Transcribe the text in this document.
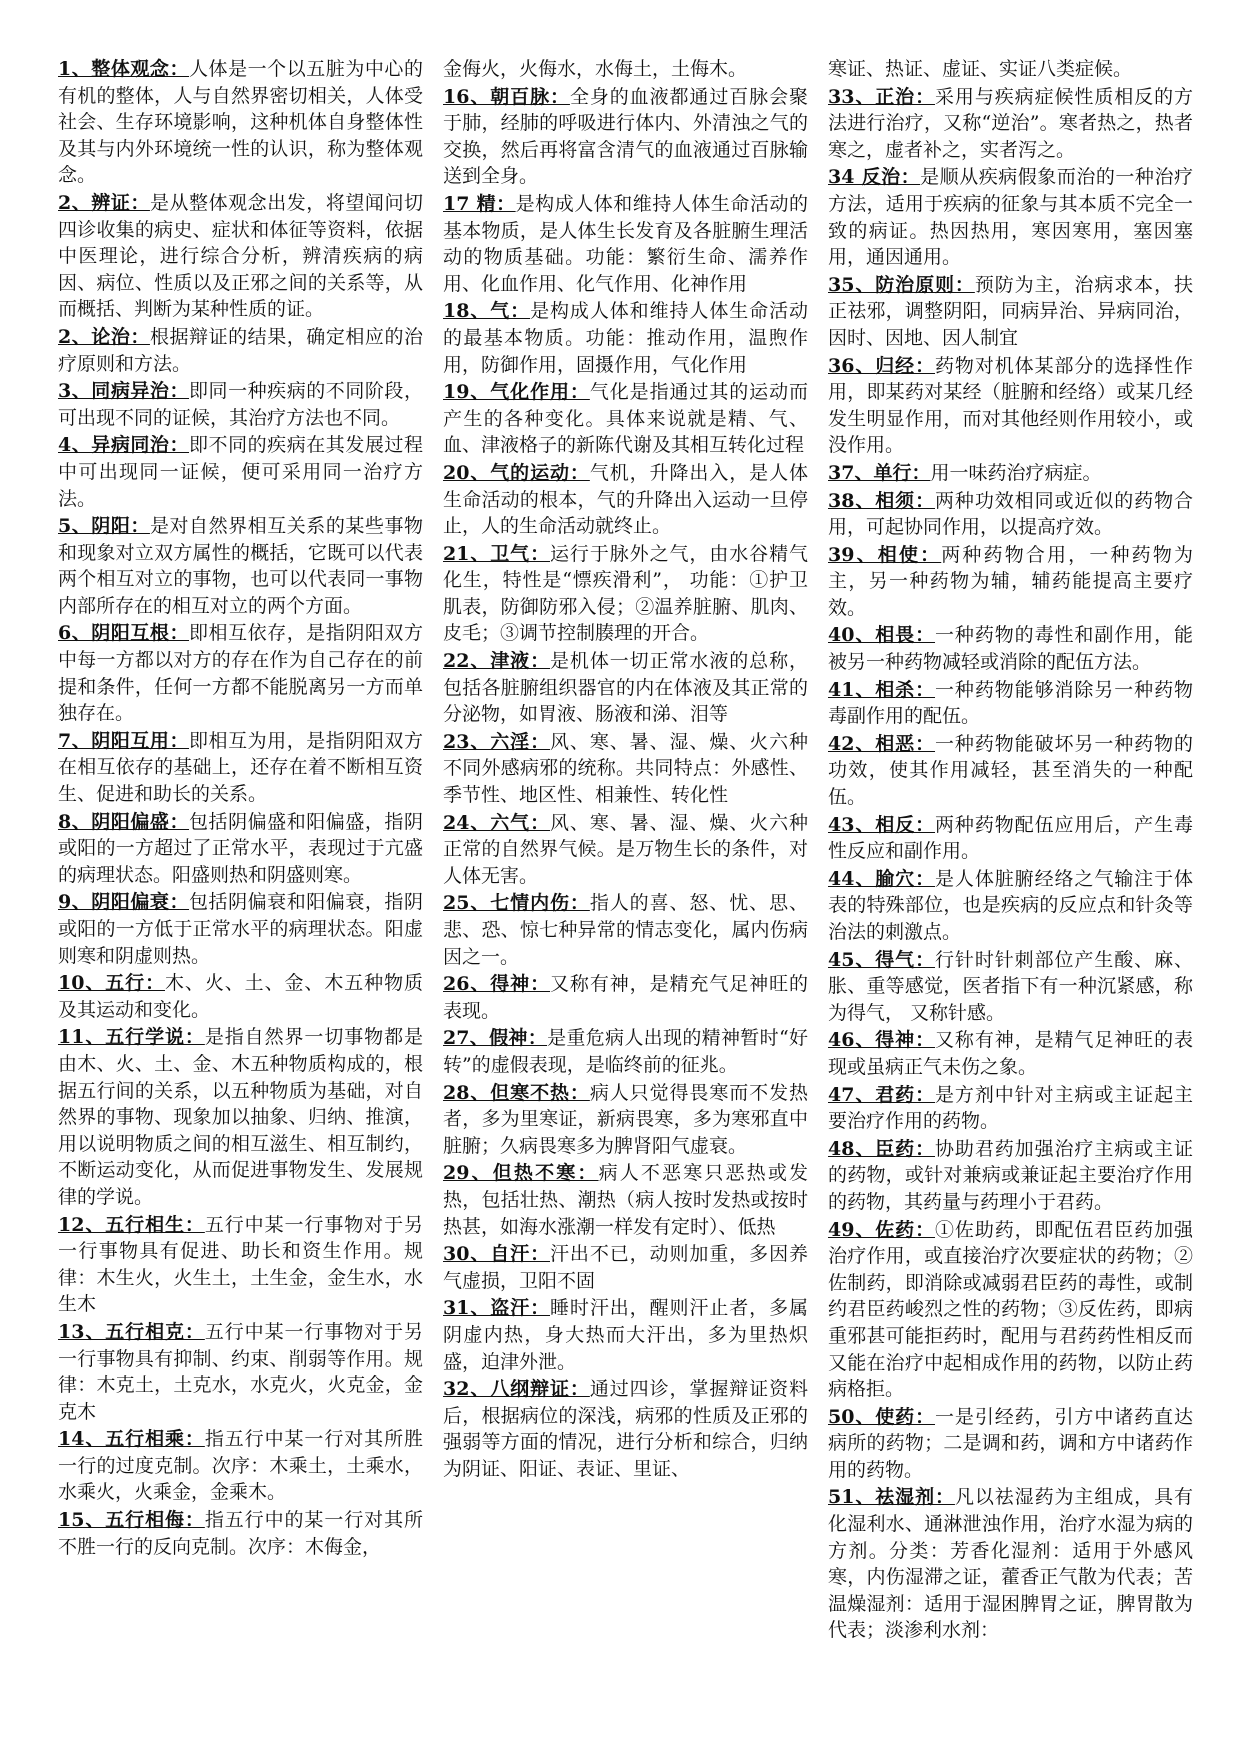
1、整体观念：人体是一个以五脏为中心的有机的整体，人与自然界密切相关，人体受社会、生存环境影响，这种机体自身整体性及其与内外环境统一性的认识，称为整体观念。

2、辨证：是从整体观念出发，将望闻问切四诊收集的病史、症状和体征等资料，依据中医理论，进行综合分析，辨清疾病的病因、病位、性质以及正邪之间的关系等，从而概括、判断为某种性质的证。

2、论治：根据辩证的结果，确定相应的治疗原则和方法。

3、同病异治：即同一种疾病的不同阶段，可出现不同的证候，其治疗方法也不同。

4、异病同治：即不同的疾病在其发展过程中可出现同一证候，便可采用同一治疗方法。

5、阴阳：是对自然界相互关系的某些事物和现象对立双方属性的概括，它既可以代表两个相互对立的事物，也可以代表同一事物内部所存在的相互对立的两个方面。

6、阴阳互根：即相互依存，是指阴阳双方中每一方都以对方的存在作为自己存在的前提和条件，任何一方都不能脱离另一方而单独存在。

7、阴阳互用：即相互为用，是指阴阳双方在相互依存的基础上，还存在着不断相互资生、促进和助长的关系。

8、阴阳偏盛：包括阴偏盛和阳偏盛，指阴或阳的一方超过了正常水平，表现过于亢盛的病理状态。阳盛则热和阴盛则寒。

9、阴阳偏衰：包括阴偏衰和阳偏衰，指阴或阳的一方低于正常水平的病理状态。阳虚则寒和阴虚则热。

10、五行：木、火、土、金、木五种物质及其运动和变化。

11、五行学说：是指自然界一切事物都是由木、火、土、金、木五种物质构成的，根据五行间的关系，以五种物质为基础，对自然界的事物、现象加以抽象、归纳、推演，用以说明物质之间的相互滋生、相互制约，不断运动变化，从而促进事物发生、发展规律的学说。

12、五行相生：五行中某一行事物对于另一行事物具有促进、助长和资生作用。规律：木生火，火生土，土生金，金生水，水生木

13、五行相克：五行中某一行事物对于另一行事物具有抑制、约束、削弱等作用。规律：木克土，土克水，水克火，火克金，金克木

14、五行相乘：指五行中某一行对其所胜一行的过度克制。次序：木乘土，土乘水，水乘火，火乘金，金乘木。

15、五行相侮：指五行中的某一行对其所不胜一行的反向克制。次序：木侮金，

金侮火，火侮水，水侮土，土侮木。

16、朝百脉：全身的血液都通过百脉会聚于肺，经肺的呼吸进行体内、外清浊之气的交换，然后再将富含清气的血液通过百脉输送到全身。

17 精：是构成人体和维持人体生命活动的基本物质，是人体生长发育及各脏腑生理活动的物质基础。功能：繁衍生命、濡养作用、化血作用、化气作用、化神作用

18、气：是构成人体和维持人体生命活动的最基本物质。功能：推动作用，温煦作用，防御作用，固摄作用，气化作用

19、气化作用：气化是指通过其的运动而产生的各种变化。具体来说就是精、气、血、津液格子的新陈代谢及其相互转化过程

20、气的运动：气机，升降出入，是人体生命活动的根本，气的升降出入运动一旦停止，人的生命活动就终止。

21、卫气：运行于脉外之气，由水谷精气化生，特性是“慓疾滑利”， 功能：①护卫肌表，防御防邪入侵；②温养脏腑、肌肉、皮毛；③调节控制腠理的开合。

22、津液：是机体一切正常水液的总称，包括各脏腑组织器官的内在体液及其正常的分泌物，如胃液、肠液和涕、泪等

23、六淫：风、寒、暑、湿、燥、火六种不同外感病邪的统称。共同特点：外感性、季节性、地区性、相兼性、转化性

24、六气：风、寒、暑、湿、燥、火六种正常的自然界气候。是万物生长的条件，对人体无害。

25、七情内伤：指人的喜、怒、忧、思、悲、恐、惊七种异常的情志变化，属内伤病因之一。

26、得神：又称有神，是精充气足神旺的表现。

27、假神：是重危病人出现的精神暂时“好转”的虚假表现，是临终前的征兆。

28、但寒不热：病人只觉得畏寒而不发热者，多为里寒证，新病畏寒，多为寒邪直中脏腑；久病畏寒多为脾肾阳气虚衰。

29、但热不寒：病人不恶寒只恶热或发热，包括壮热、潮热（病人按时发热或按时热甚，如海水涨潮一样发有定时）、低热

30、自汗：汗出不已，动则加重，多因养气虚损，卫阳不固

31、盗汗：睡时汗出，醒则汗止者，多属阴虚内热，身大热而大汗出，多为里热炽盛，迫津外泄。

32、八纲辩证：通过四诊，掌握辩证资料后，根据病位的深浅，病邪的性质及正邪的强弱等方面的情况，进行分析和综合，归纳为阴证、阳证、表证、里证、

寒证、热证、虚证、实证八类症候。

33、正治：采用与疾病症候性质相反的方法进行治疗，又称“逆治”。寒者热之，热者寒之，虚者补之，实者泻之。

34 反治：是顺从疾病假象而治的一种治疗方法，适用于疾病的征象与其本质不完全一致的病证。热因热用，寒因寒用，塞因塞用，通因通用。

35、防治原则：预防为主，治病求本，扶正祛邪，调整阴阳，同病异治、异病同治，因时、因地、因人制宜

36、归经：药物对机体某部分的选择性作用，即某药对某经（脏腑和经络）或某几经发生明显作用，而对其他经则作用较小，或没作用。

37、单行：用一味药治疗病症。

38、相须：两种功效相同或近似的药物合用，可起协同作用，以提高疗效。

39、相使：两种药物合用，一种药物为主，另一种药物为辅，辅药能提高主要疗效。

40、相畏：一种药物的毒性和副作用，能被另一种药物减轻或消除的配伍方法。

41、相杀：一种药物能够消除另一种药物毒副作用的配伍。

42、相恶：一种药物能破坏另一种药物的功效，使其作用减轻，甚至消失的一种配伍。

43、相反：两种药物配伍应用后，产生毒性反应和副作用。

44、腧穴：是人体脏腑经络之气输注于体表的特殊部位，也是疾病的反应点和针灸等治法的刺激点。

45、得气：行针时针刺部位产生酸、麻、胀、重等感觉，医者指下有一种沉紧感，称为得气， 又称针感。

46、得神：又称有神，是精气足神旺的表现或虽病正气未伤之象。

47、君药：是方剂中针对主病或主证起主要治疗作用的药物。

48、臣药：协助君药加强治疗主病或主证的药物，或针对兼病或兼证起主要治疗作用的药物，其药量与药理小于君药。

49、佐药：①佐助药，即配伍君臣药加强治疗作用，或直接治疗次要症状的药物；②佐制药，即消除或减弱君臣药的毒性，或制约君臣药峻烈之性的药物；③反佐药，即病重邪甚可能拒药时，配用与君药药性相反而又能在治疗中起相成作用的药物，以防止药病格拒。

50、使药：一是引经药，引方中诸药直达病所的药物；二是调和药，调和方中诸药作用的药物。

51、祛湿剂：凡以祛湿药为主组成，具有化湿利水、通淋泄浊作用，治疗水湿为病的方剂。分类：芳香化湿剂：适用于外感风寒，内伤湿滞之证，藿香正气散为代表；苦温燥湿剂：适用于湿困脾胃之证，脾胃散为代表；淡渗利水剂：
